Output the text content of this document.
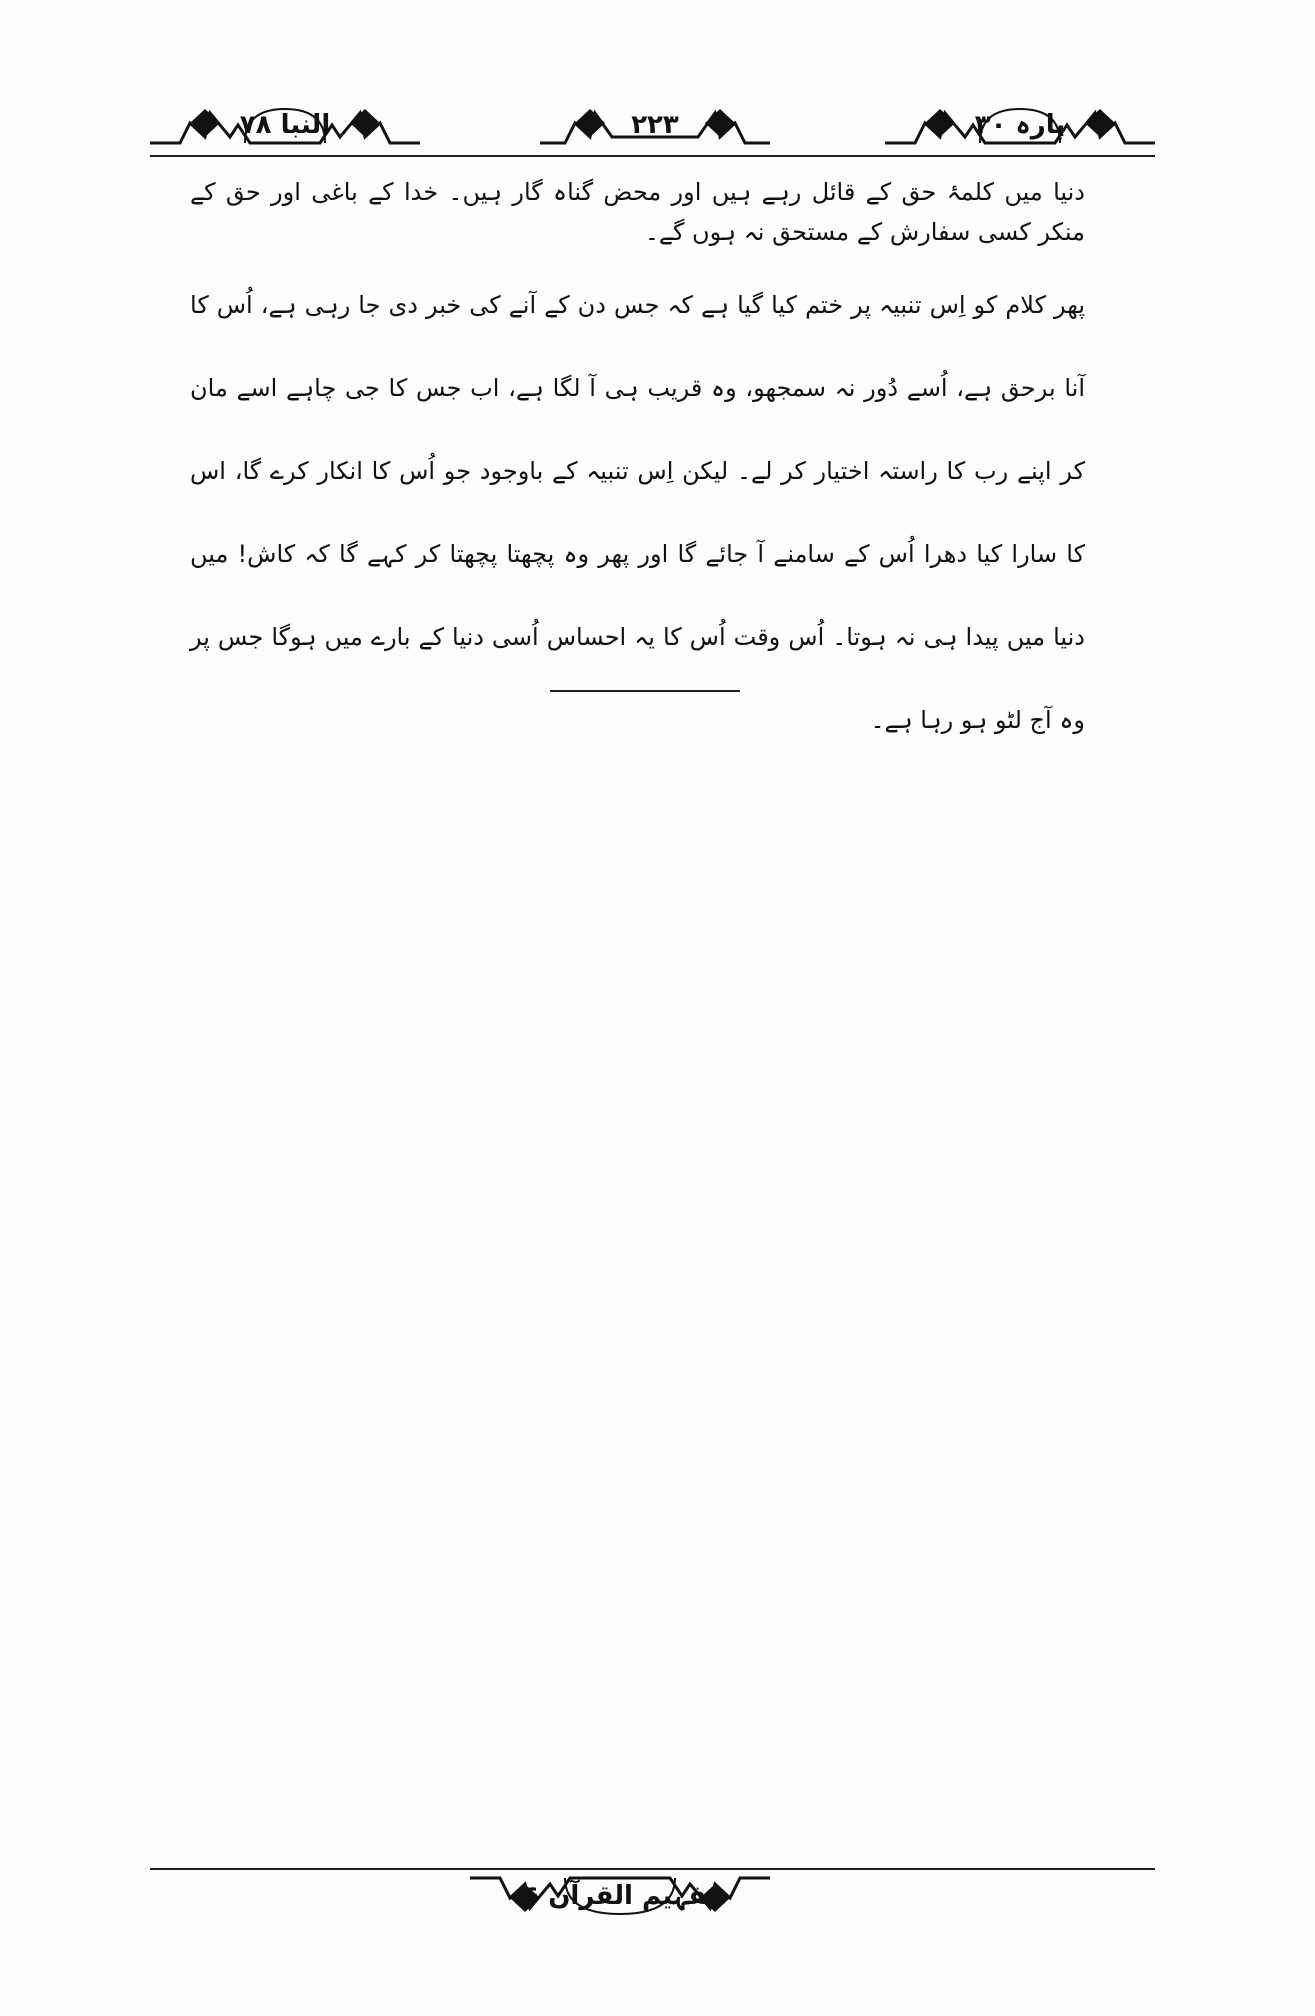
النبا ۷۸	۲۲۳	پارہ ۳۰

دنیا میں کلمۂ حق کے قائل رہے ہیں اور محض گناہ گار ہیں۔ خدا کے باغی اور حق کے منکر کسی سفارش کے مستحق نہ ہوں گے۔

پھر کلام کو اِس تنبیہ پر ختم کیا گیا ہے کہ جس دن کے آنے کی خبر دی جا رہی ہے، اُس کا آنا برحق ہے، اُسے دُور نہ سمجھو، وہ قریب ہی آ لگا ہے، اب جس کا جی چاہے اسے مان کر اپنے رب کا راستہ اختیار کر لے۔ لیکن اِس تنبیہ کے باوجود جو اُس کا انکار کرے گا، اس کا سارا کیا دھرا اُس کے سامنے آ جائے گا اور پھر وہ پچھتا پچھتا کر کہے گا کہ کاش! میں دنیا میں پیدا ہی نہ ہوتا۔ اُس وقت اُس کا یہ احساس اُسی دنیا کے بارے میں ہوگا جس پر وہ آج لٹو ہو رہا ہے۔

تفہیم القرآن ۶
